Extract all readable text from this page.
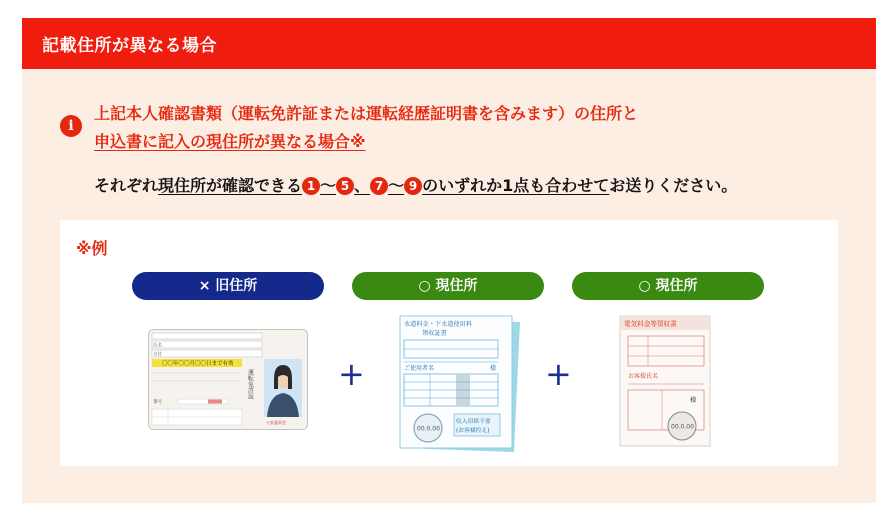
記載住所が異なる場合
i
上記本人確認書類（運転免許証または運転経歴証明書を含みます）の住所と
申込書に記入の現住所が異なる場合※
それぞれ現住所が確認できる 1 〜 5 、 7 〜 9 のいずれか1点も合わせてお送りください。
※例
× 旧住所	○ 現住所	○ 現住所
+	+
氏名
交付
〇〇年〇〇月〇〇日まで有効
番号
運転免許証
公安委員会
水道料金・下水道使用料
領収証書
ご使用者名	様
収入印紙不要
(お客様控え)
00.0.00
電気料金等領収書
お客様氏名
様
00.0.00
